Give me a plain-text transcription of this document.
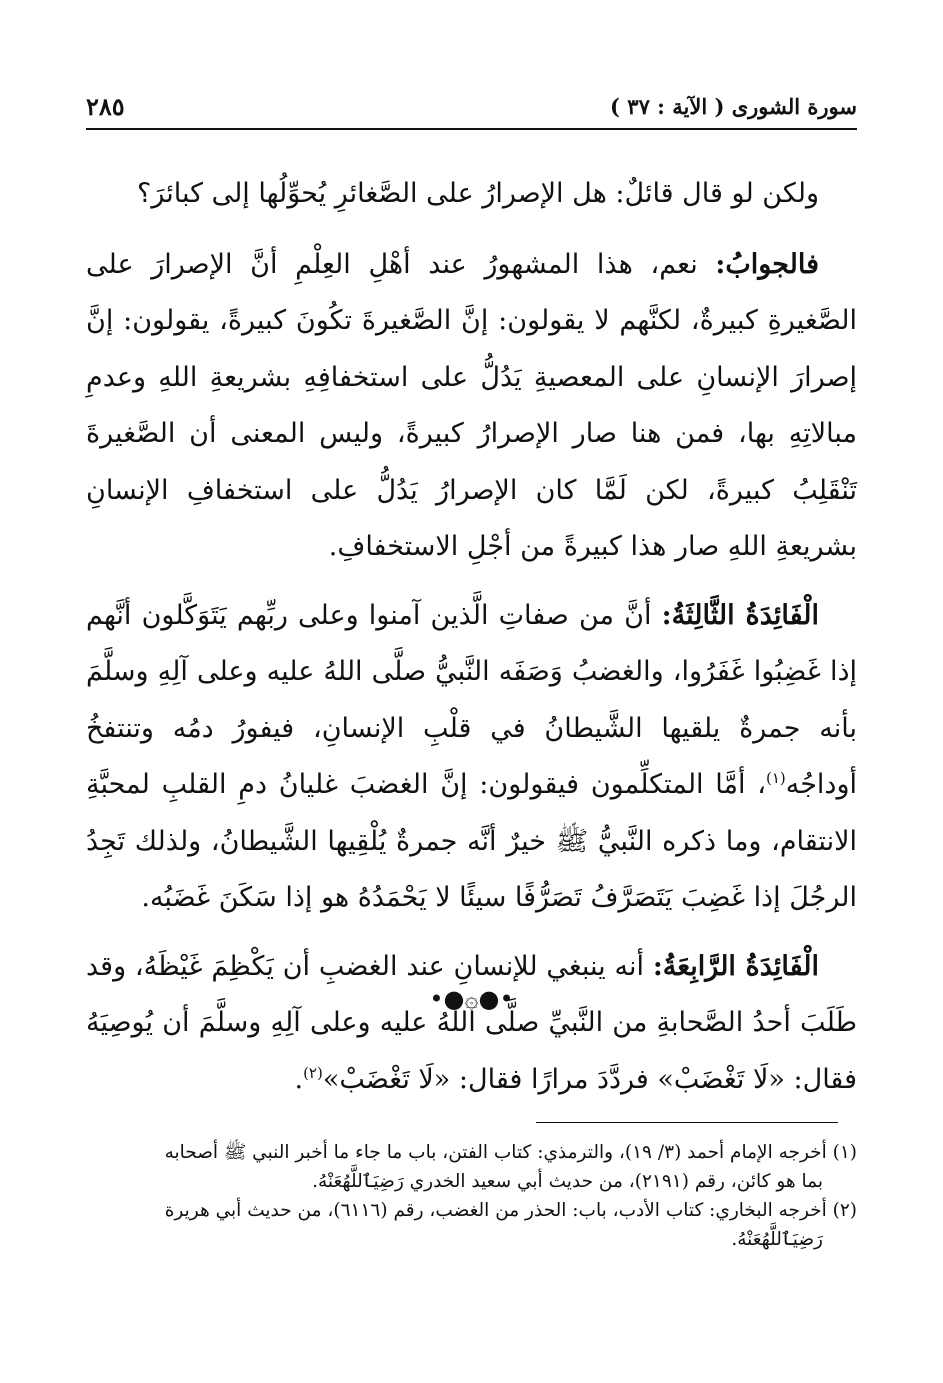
سورة الشورى ( الآية : ٣٧ )
٢٨٥

ولكن لو قال قائلٌ: هل الإصرارُ على الصَّغائرِ يُحوِّلُها إلى كبائرَ؟

فالجوابُ: نعم، هذا المشهورُ عند أهْلِ العِلْمِ أنَّ الإصرارَ على الصَّغيرةِ كبيرةٌ، لكنَّهم لا يقولون: إنَّ الصَّغيرةَ تكُونَ كبيرةً، يقولون: إنَّ إصرارَ الإنسانِ على المعصيةِ يَدُلُّ على استخفافِهِ بشريعةِ اللهِ وعدمِ مبالاتِهِ بها، فمن هنا صار الإصرارُ كبيرةً، وليس المعنى أن الصَّغيرةَ تَنْقَلِبُ كبيرةً، لكن لَمَّا كان الإصرارُ يَدُلُّ على استخفافِ الإنسانِ بشريعةِ اللهِ صار هذا كبيرةً من أجْلِ الاستخفافِ.

الْفَائِدَةُ الثَّالِثَةُ: أنَّ من صفاتِ الَّذين آمنوا وعلى ربِّهم يَتَوَكَّلون أنَّهم إذا غَضِبُوا غَفَرُوا، والغضبُ وَصَفَه النَّبيُّ صلَّى اللهُ عليه وعلى آلِهِ وسلَّمَ بأنه جمرةٌ يلقيها الشَّيطانُ في قلْبِ الإنسانِ، فيفورُ دمُه وتنتفخُ أوداجُه$^{(١)}$، أمَّا المتكلِّمون فيقولون: إنَّ الغضبَ غليانُ دمِ القلبِ لمحبَّةِ الانتقام، وما ذكره النَّبيُّ ﷺ خيرٌ أنَّه جمرةٌ يُلْقِيها الشَّيطانُ، ولذلك تَجِدُ الرجُلَ إذا غَضِبَ يَتَصَرَّفُ تَصَرُّفًا سيئًا لا يَحْمَدُهُ هو إذا سَكَنَ غَضَبُه.

الْفَائِدَةُ الرَّابِعَةُ: أنه ينبغي للإنسانِ عند الغضبِ أن يَكْظِمَ غَيْظَهُ، وقد طَلَبَ أحدُ الصَّحابةِ من النَّبيِّ صلَّى اللهُ عليه وعلى آلِهِ وسلَّمَ أن يُوصِيَهُ فقال: «لَا تَغْضَبْ» فردَّدَ مرارًا فقال: «لَا تَغْضَبْ»$^{(٢)}$.

•●۞●•

(١) أخرجه الإمام أحمد (٣/ ١٩)، والترمذي: كتاب الفتن، باب ما جاء ما أخبر النبي ﷺ أصحابه
بما هو كائن، رقم (٢١٩١)، من حديث أبي سعيد الخدري رَضِيَٱللَّهُعَنْهُ.

(٢) أخرجه البخاري: كتاب الأدب، باب: الحذر من الغضب، رقم (٦١١٦)، من حديث أبي هريرة
رَضِيَٱللَّهُعَنْهُ.
